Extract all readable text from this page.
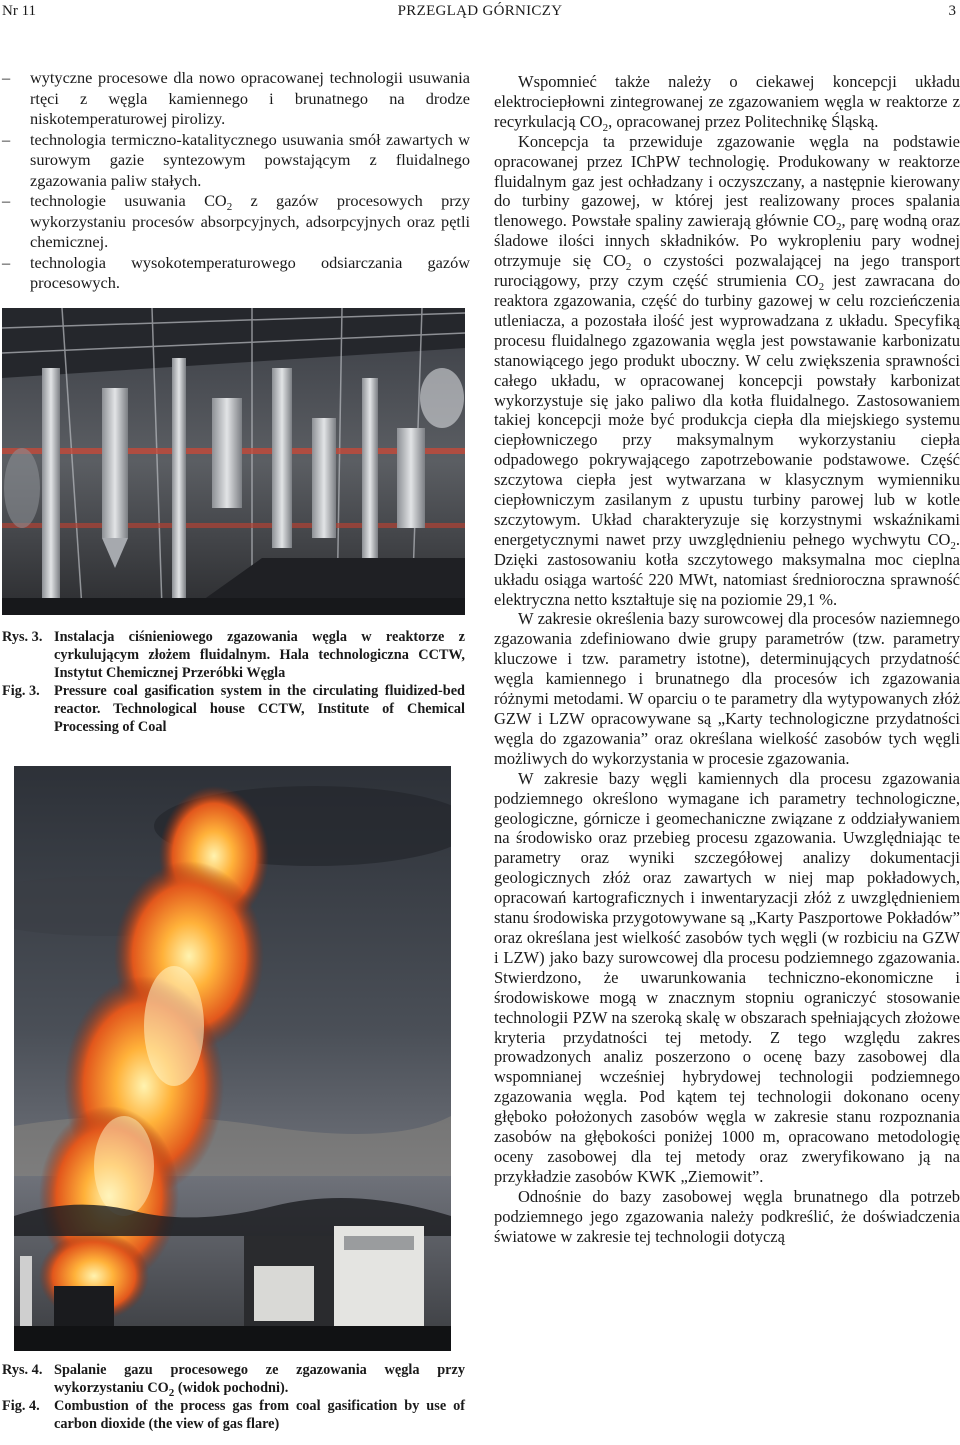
Nr 11	PRZEGLĄD GÓRNICZY	3
– wytyczne procesowe dla nowo opracowanej technologii usuwania rtęci z węgla kamiennego i brunatnego na drodze niskotemperaturowej pirolizy.
– technologia termiczno-katalitycznego usuwania smół zawartych w surowym gazie syntezowym powstającym z fluidalnego zgazowania paliw stałych.
– technologie usuwania $CO_2$ z gazów procesowych przy wykorzystaniu procesów absorpcyjnych, adsorpcyjnych oraz pętli chemicznej.
– technologia wysokotemperaturowego odsiarczania gazów procesowych.
Rys. 3. Instalacja ciśnieniowego zgazowania węgla w reaktorze z cyrkulującym złożem fluidalnym. Hala technologiczna CCTW, Instytut Chemicznej Przeróbki Węgla
Fig. 3. Pressure coal gasification system in the circulating fluidized-bed reactor. Technological house CCTW, Institute of Chemical Processing of Coal
Rys. 4. Spalanie gazu procesowego ze zgazowania węgla przy wykorzystaniu $CO_2$ (widok pochodni).
Fig. 4. Combustion of the process gas from coal gasification by use of carbon dioxide (the view of gas flare)

Wspomnieć także należy o ciekawej koncepcji układu elektrociepłowni zintegrowanej ze zgazowaniem węgla w reaktorze z recyrkulacją $CO_2$, opracowanej przez Politechnikę Śląską.

Koncepcja ta przewiduje zgazowanie węgla na podstawie opracowanej przez IChPW technologię. Produkowany w reaktorze fluidalnym gaz jest ochładzany i oczyszczany, a następnie kierowany do turbiny gazowej, w której jest realizowany proces spalania tlenowego. Powstałe spaliny zawierają głównie $CO_2$, parę wodną oraz śladowe ilości innych składników. Po wykropleniu pary wodnej otrzymuje się $CO_2$ o czystości pozwalającej na jego transport rurociągowy, przy czym część strumienia $CO_2$ jest zawracana do reaktora zgazowania, część do turbiny gazowej w celu rozcieńczenia utleniacza, a pozostała ilość jest wyprowadzana z układu. Specyfiką procesu fluidalnego zgazowania węgla jest powstawanie karbonizatu stanowiącego jego produkt uboczny. W celu zwiększenia sprawności całego układu, w opracowanej koncepcji powstały karbonizat wykorzystuje się jako paliwo dla kotła fluidalnego. Zastosowaniem takiej koncepcji może być produkcja ciepła dla miejskiego systemu ciepłowniczego przy maksymalnym wykorzystaniu ciepła odpadowego pokrywającego zapotrzebowanie podstawowe. Część szczytowa ciepła jest wytwarzana w klasycznym wymienniku ciepłowniczym zasilanym z upustu turbiny parowej lub w kotle szczytowym. Układ charakteryzuje się korzystnymi wskaźnikami energetycznymi nawet przy uwzględnieniu pełnego wychwytu $CO_2$. Dzięki zastosowaniu kotła szczytowego maksymalna moc cieplna układu osiąga wartość 220 MWt, natomiast średnioroczna sprawność elektryczna netto kształtuje się na poziomie 29,1 %.

W zakresie określenia bazy surowcowej dla procesów naziemnego zgazowania zdefiniowano dwie grupy parametrów (tzw. parametry kluczowe i tzw. parametry istotne), determinujących przydatność węgla kamiennego i brunatnego dla procesów ich zgazowania różnymi metodami. W oparciu o te parametry dla wytypowanych złóż GZW i LZW opracowywane są „Karty technologiczne przydatności węgla do zgazowania” oraz określana wielkość zasobów tych węgli możliwych do wykorzystania w procesie zgazowania.

W zakresie bazy węgli kamiennych dla procesu zgazowania podziemnego określono wymagane ich parametry technologiczne, geologiczne, górnicze i geomechaniczne związane z oddziaływaniem na środowisko oraz przebieg procesu zgazowania. Uwzględniając te parametry oraz wyniki szczegółowej analizy dokumentacji geologicznych złóż oraz zawartych w niej map pokładowych, opracowań kartograficznych i inwentaryzacji złóż z uwzględnieniem stanu środowiska przygotowywane są „Karty Paszportowe Pokładów” oraz określana jest wielkość zasobów tych węgli (w rozbiciu na GZW i LZW) jako bazy surowcowej dla procesu podziemnego zgazowania. Stwierdzono, że uwarunkowania techniczno-ekonomiczne i środowiskowe mogą w znacznym stopniu ograniczyć stosowanie technologii PZW na szeroką skalę w obszarach spełniających złożowe kryteria przydatności tej metody. Z tego względu zakres prowadzonych analiz poszerzono o ocenę bazy zasobowej dla wspomnianej wcześniej hybrydowej technologii podziemnego zgazowania węgla. Pod kątem tej technologii dokonano oceny głęboko położonych zasobów węgla w zakresie stanu rozpoznania zasobów na głębokości poniżej 1000 m, opracowano metodologię oceny zasobowej dla tej metody oraz zweryfikowano ją na przykładzie zasobów KWK „Ziemowit”.

Odnośnie do bazy zasobowej węgla brunatnego dla potrzeb podziemnego jego zgazowania należy podkreślić, że doświadczenia światowe w zakresie tej technologii dotyczą
